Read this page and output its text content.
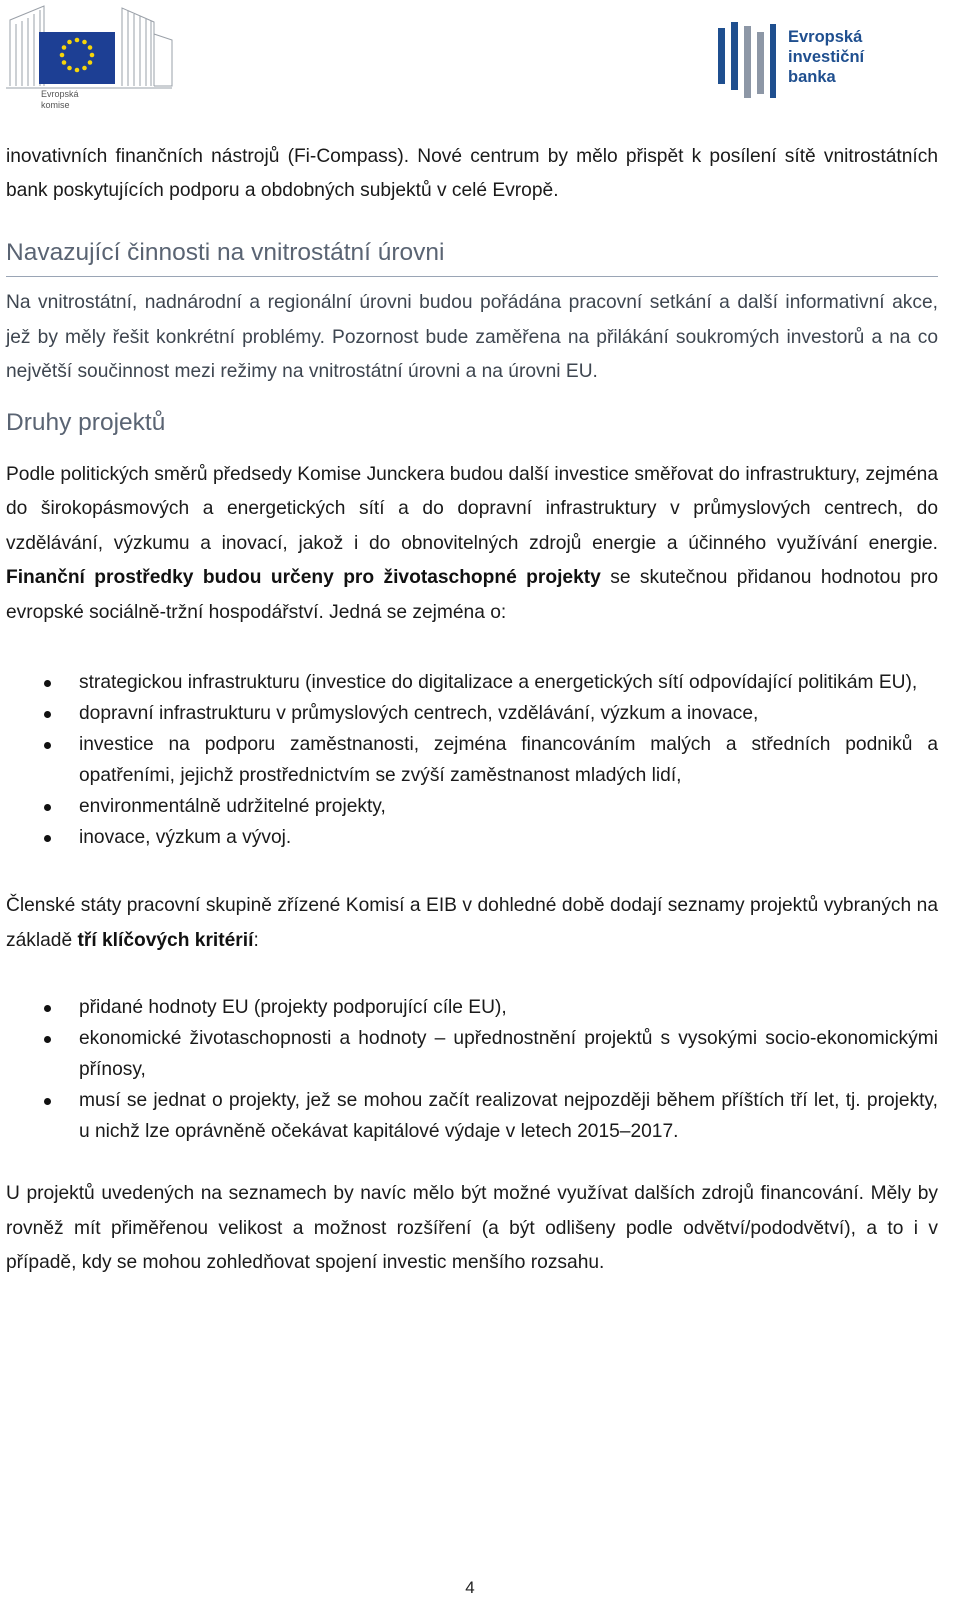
Evropská
komise
Evropská
investiční
banka

inovativních finančních nástrojů (Fi-Compass). Nové centrum by mělo přispět k posílení sítě vnitrostátních bank poskytujících podporu a obdobných subjektů v celé Evropě.

Navazující činnosti na vnitrostátní úrovni

Na vnitrostátní, nadnárodní a regionální úrovni budou pořádána pracovní setkání a další informativní akce, jež by měly řešit konkrétní problémy. Pozornost bude zaměřena na přilákání soukromých investorů a na co největší součinnost mezi režimy na vnitrostátní úrovni a na úrovni EU.

Druhy projektů

Podle politických směrů předsedy Komise Junckera budou další investice směřovat do infrastruktury, zejména do širokopásmových a energetických sítí a do dopravní infrastruktury v průmyslových centrech, do vzdělávání, výzkumu a inovací, jakož i do obnovitelných zdrojů energie a účinného využívání energie. Finanční prostředky budou určeny pro životaschopné projekty se skutečnou přidanou hodnotou pro evropské sociálně-tržní hospodářství. Jedná se zejména o:

strategickou infrastrukturu (investice do digitalizace a energetických sítí odpovídající politikám EU),
dopravní infrastrukturu v průmyslových centrech, vzdělávání, výzkum a inovace,
investice na podporu zaměstnanosti, zejména financováním malých a středních podniků a opatřeními, jejichž prostřednictvím se zvýší zaměstnanost mladých lidí,
environmentálně udržitelné projekty,
inovace, výzkum a vývoj.

Členské státy pracovní skupině zřízené Komisí a EIB v dohledné době dodají seznamy projektů vybraných na základě tří klíčových kritérií:

přidané hodnoty EU (projekty podporující cíle EU),
ekonomické životaschopnosti a hodnoty – upřednostnění projektů s vysokými socio-ekonomickými přínosy,
musí se jednat o projekty, jež se mohou začít realizovat nejpozději během příštích tří let, tj. projekty, u nichž lze oprávněně očekávat kapitálové výdaje v letech 2015–2017.

U projektů uvedených na seznamech by navíc mělo být možné využívat dalších zdrojů financování. Měly by rovněž mít přiměřenou velikost a možnost rozšíření (a být odlišeny podle odvětví/pododvětví), a to i v případě, kdy se mohou zohledňovat spojení investic menšího rozsahu.

4
